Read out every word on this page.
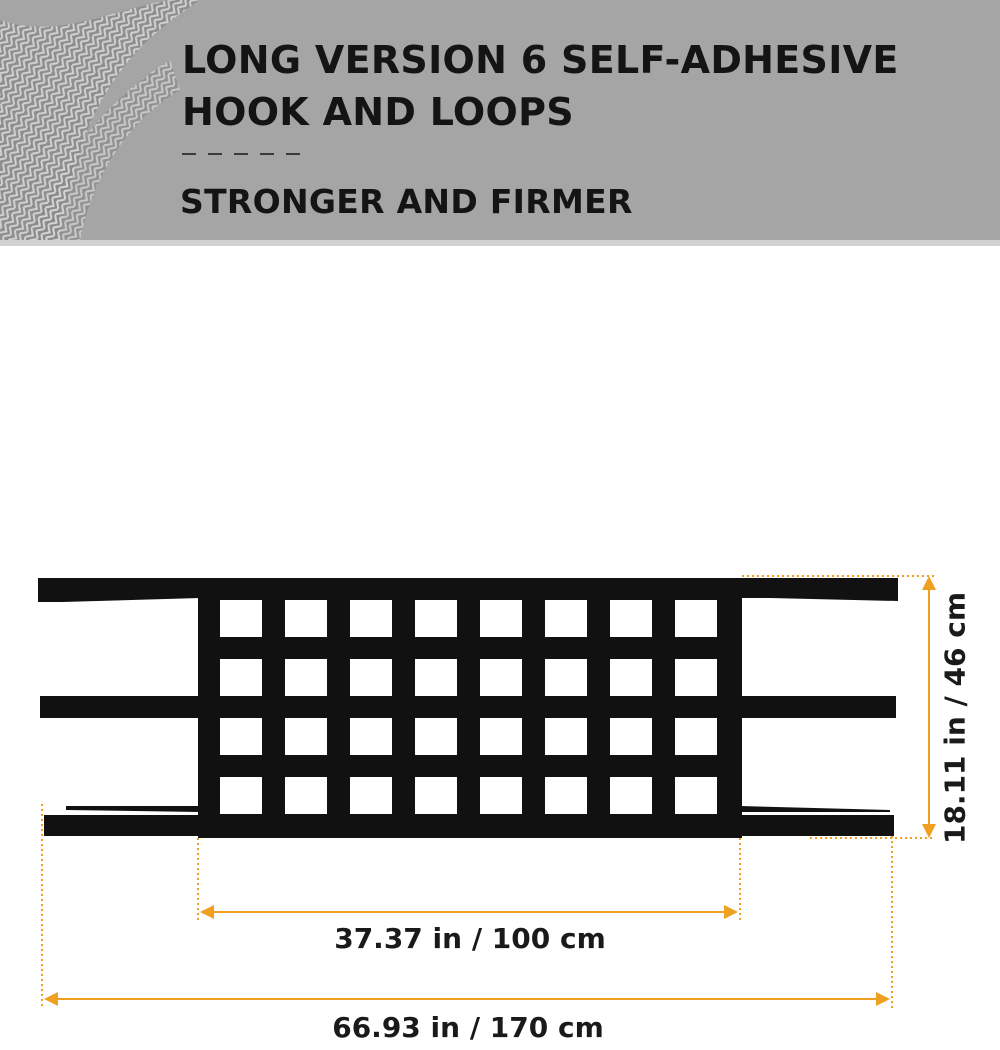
LONG VERSION 6 SELF-ADHESIVE
HOOK AND LOOPS
STRONGER AND FIRMER
37.37 in / 100 cm
66.93 in / 170 cm
18.11 in / 46 cm
